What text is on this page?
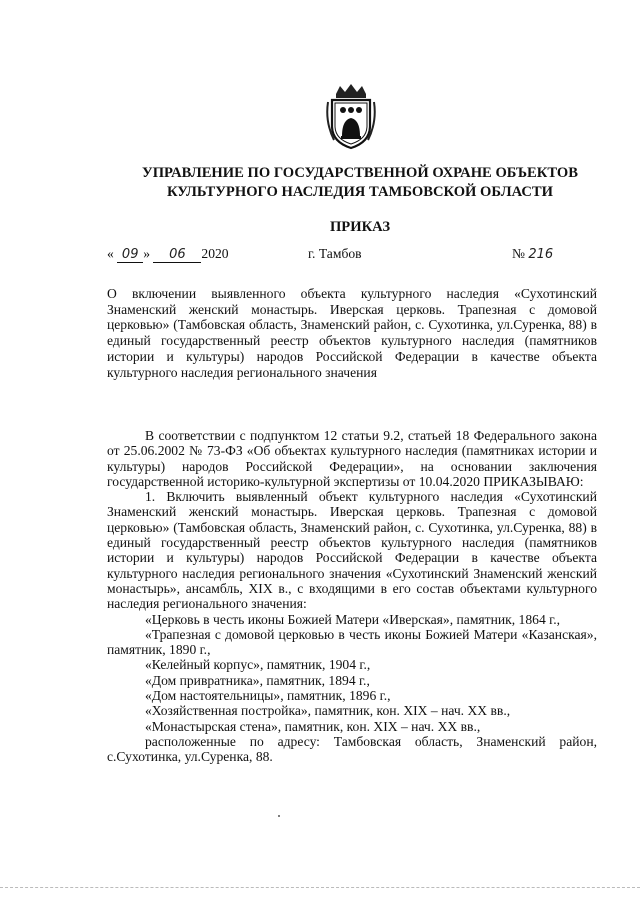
УПРАВЛЕНИЕ ПО ГОСУДАРСТВЕННОЙ ОХРАНЕ ОБЪЕКТОВ
КУЛЬТУРНОГО НАСЛЕДИЯ ТАМБОВСКОЙ ОБЛАСТИ
ПРИКАЗ
« 09 » 06 2020	г. Тамбов	№ 216
О включении выявленного объекта культурного наследия «Сухотинский Знаменский женский монастырь. Иверская церковь. Трапезная с домовой церковью» (Тамбовская область, Знаменский район, с. Сухотинка, ул.Суренка, 88) в единый государственный реестр объектов культурного наследия (памятников истории и культуры) народов Российской Федерации в качестве объекта культурного наследия регионального значения

В соответствии с подпунктом 12 статьи 9.2, статьей 18 Федерального закона от 25.06.2002 № 73-ФЗ «Об объектах культурного наследия (памятниках истории и культуры) народов Российской Федерации», на основании заключения государственной историко-культурной экспертизы от 10.04.2020 ПРИКАЗЫВАЮ:

1. Включить выявленный объект культурного наследия «Сухотинский Знаменский женский монастырь. Иверская церковь. Трапезная с домовой церковью» (Тамбовская область, Знаменский район, с. Сухотинка, ул.Суренка, 88) в единый государственный реестр объектов культурного наследия (памятников истории и культуры) народов Российской Федерации в качестве объекта культурного наследия регионального значения «Сухотинский Знаменский женский монастырь», ансамбль, XIX в., с входящими в его состав объектами культурного наследия регионального значения:

«Церковь в честь иконы Божией Матери «Иверская», памятник, 1864 г.,

«Трапезная с домовой церковью в честь иконы Божией Матери «Казанская», памятник, 1890 г.,

«Келейный корпус», памятник, 1904 г.,

«Дом привратника», памятник, 1894 г.,

«Дом настоятельницы», памятник, 1896 г.,

«Хозяйственная постройка», памятник, кон. XIX – нач. XX вв.,

«Монастырская стена», памятник, кон. XIX – нач. XX вв.,

расположенные по адресу: Тамбовская область, Знаменский район, с.Сухотинка, ул.Суренка, 88.
